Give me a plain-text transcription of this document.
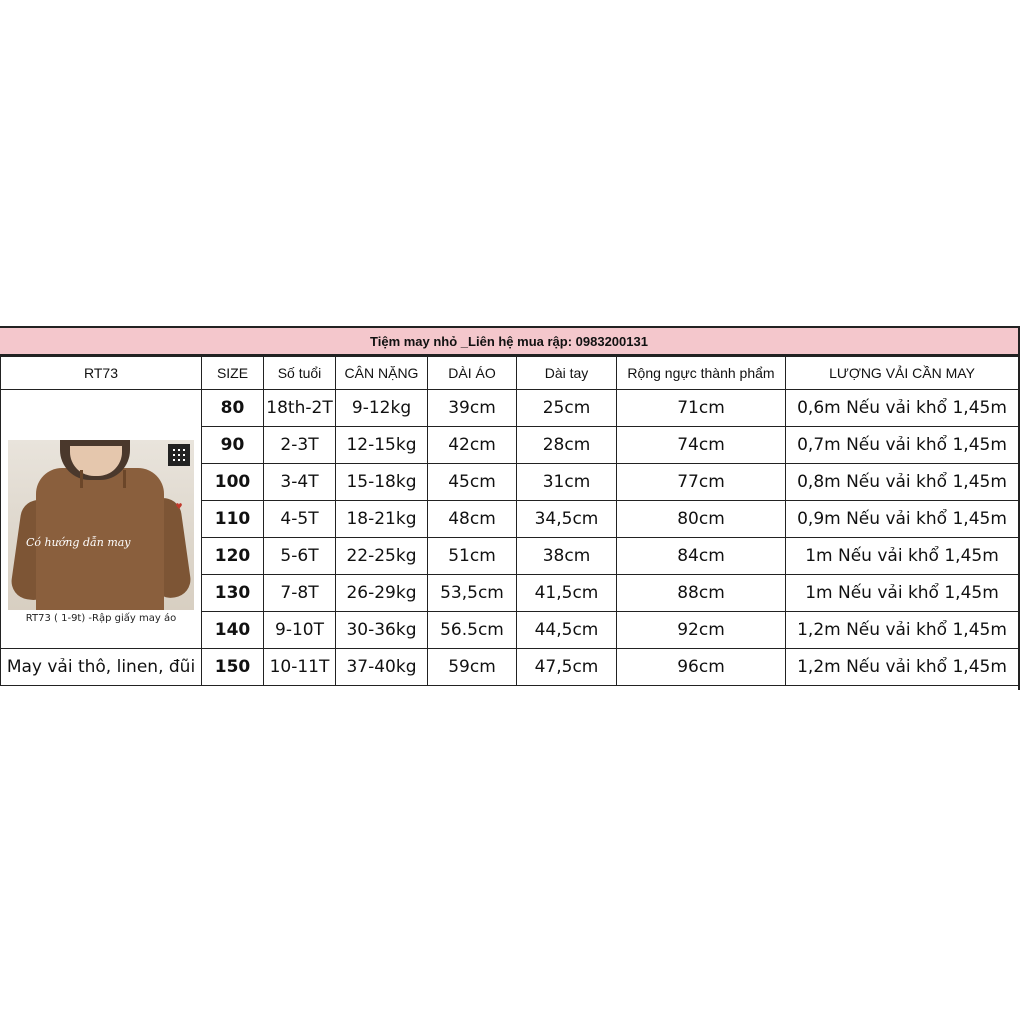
Tiệm may nhỏ _Liên hệ mua rập: 0983200131
RT73	SIZE	Số tuổi	CÂN NẶNG	DÀI ÁO	Dài tay	Rộng ngực thành phẩm	LƯỢNG VẢI CẦN MAY

♥
Có hướng dẫn may
RT73 ( 1-9t) -Rập giấy may áo	80	18th-2T	9-12kg	39cm	25cm	71cm	0,6m Nếu vải khổ 1,45m
	90	2-3T	12-15kg	42cm	28cm	74cm	0,7m Nếu vải khổ 1,45m
	100	3-4T	15-18kg	45cm	31cm	77cm	0,8m Nếu vải khổ 1,45m
	110	4-5T	18-21kg	48cm	34,5cm	80cm	0,9m Nếu vải khổ 1,45m
	120	5-6T	22-25kg	51cm	38cm	84cm	1m Nếu vải khổ 1,45m
	130	7-8T	26-29kg	53,5cm	41,5cm	88cm	1m Nếu vải khổ 1,45m
	140	9-10T	30-36kg	56.5cm	44,5cm	92cm	1,2m Nếu vải khổ 1,45m
May vải thô, linen, đũi	150	10-11T	37-40kg	59cm	47,5cm	96cm	1,2m Nếu vải khổ 1,45m
